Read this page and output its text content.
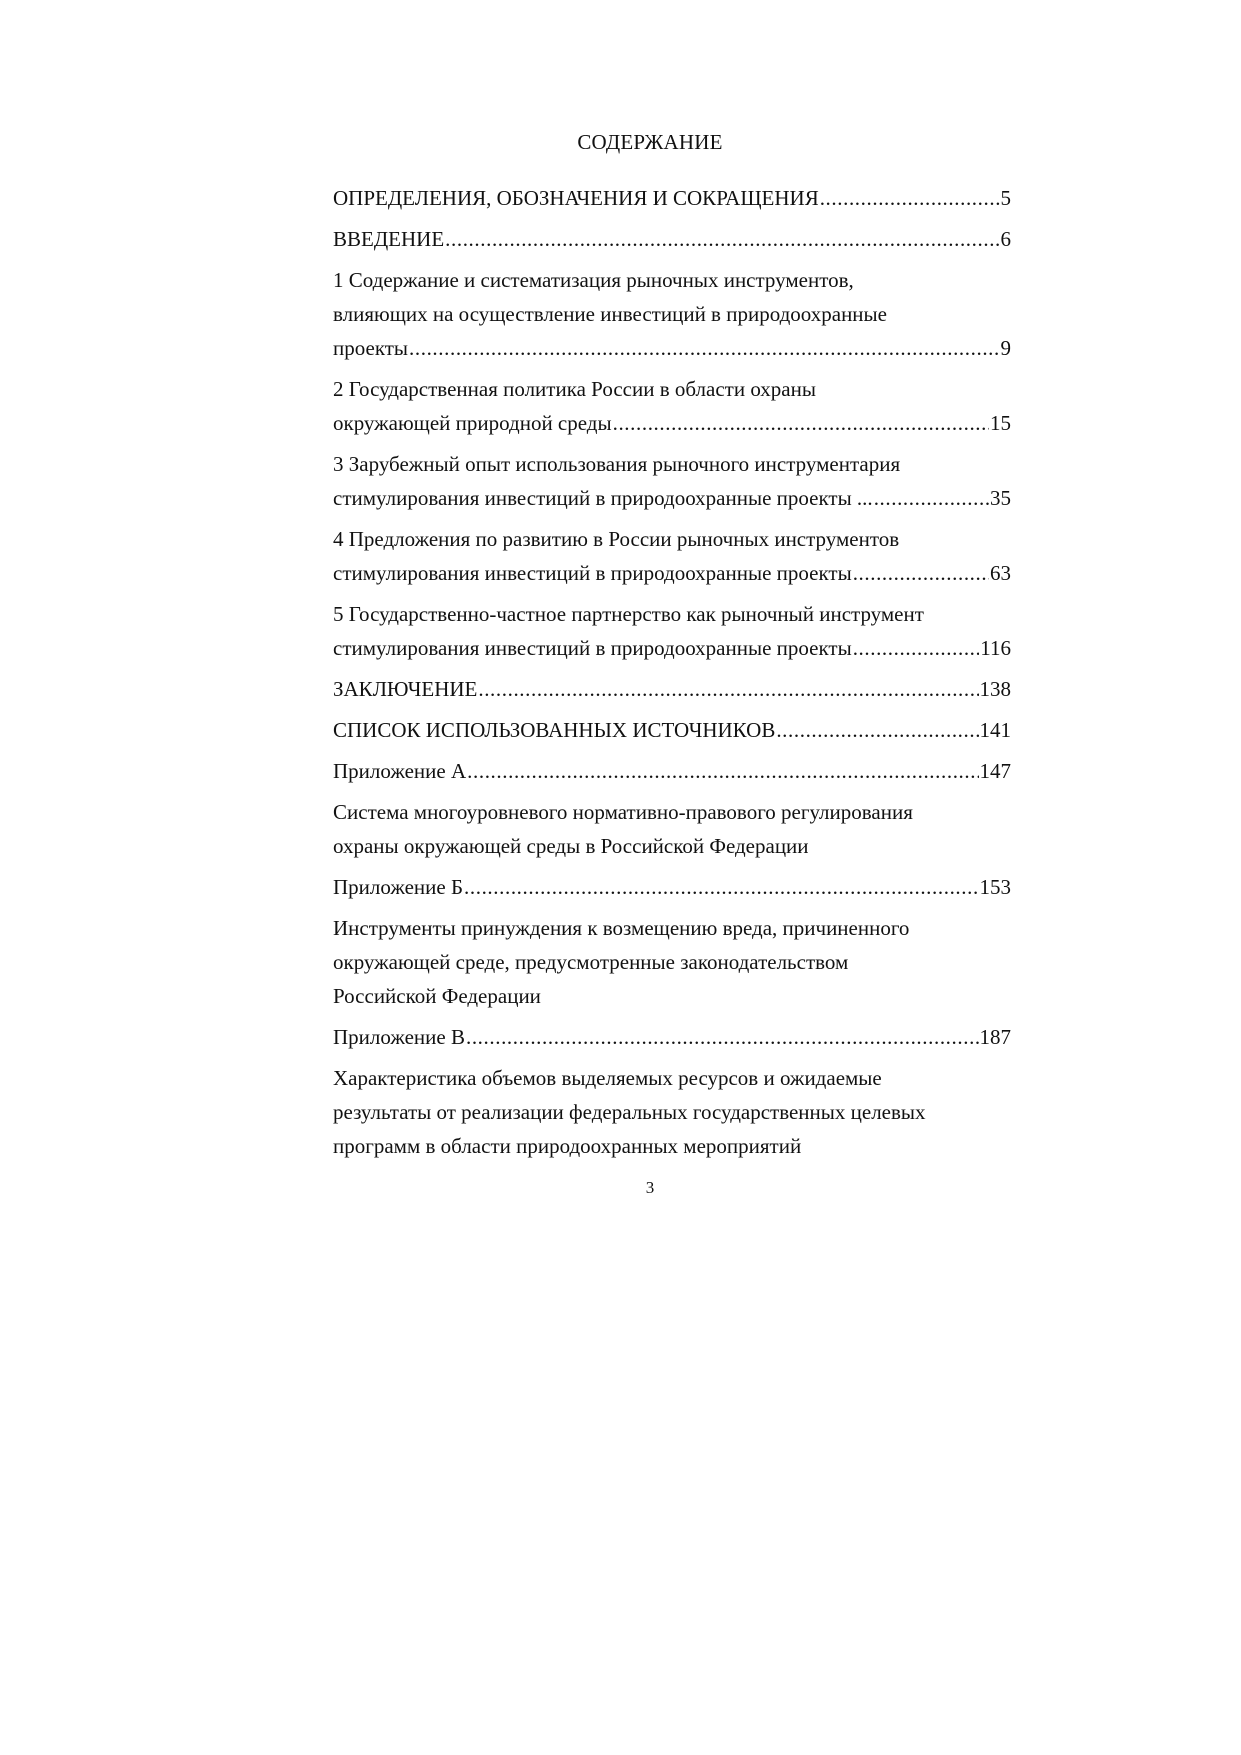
СОДЕРЖАНИЕ
ОПРЕДЕЛЕНИЯ, ОБОЗНАЧЕНИЯ И СОКРАЩЕНИЯ .....	5
ВВЕДЕНИЕ .....	6
1 Содержание и систематизация рыночных инструментов,
влияющих на осуществление инвестиций в природоохранные
проекты .....	9
2 Государственная политика России в области охраны
окружающей природной среды .....	15
3 Зарубежный опыт использования рыночного инструментария
стимулирования инвестиций в природоохранные проекты ... .....	35
4 Предложения по развитию в России рыночных инструментов
стимулирования инвестиций в природоохранные проекты .....	63
5 Государственно-частное партнерство как рыночный инструмент
стимулирования инвестиций в природоохранные проекты .....	116
ЗАКЛЮЧЕНИЕ .....	138
СПИСОК ИСПОЛЬЗОВАННЫХ ИСТОЧНИКОВ .....	141
Приложение А .....	147
Система многоуровневого нормативно-правового регулирования
охраны окружающей среды в Российской Федерации
Приложение Б .....	153
Инструменты принуждения к возмещению вреда, причиненного
окружающей среде, предусмотренные законодательством
Российской Федерации
Приложение В .....	187
Характеристика объемов выделяемых ресурсов и ожидаемые
результаты от реализации федеральных государственных целевых
программ в области природоохранных мероприятий
3
